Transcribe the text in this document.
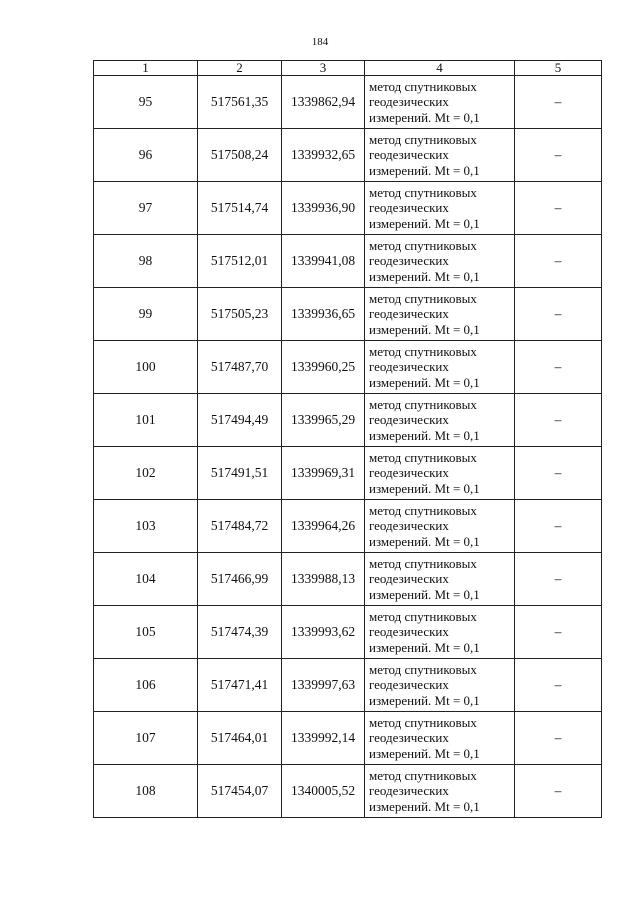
184
1	2	3	4	5
95	517561,35	1339862,94	метод спутниковых
геодезических
измерений. Mt = 0,1	–
96	517508,24	1339932,65	метод спутниковых
геодезических
измерений. Mt = 0,1	–
97	517514,74	1339936,90	метод спутниковых
геодезических
измерений. Mt = 0,1	–
98	517512,01	1339941,08	метод спутниковых
геодезических
измерений. Mt = 0,1	–
99	517505,23	1339936,65	метод спутниковых
геодезических
измерений. Mt = 0,1	–
100	517487,70	1339960,25	метод спутниковых
геодезических
измерений. Mt = 0,1	–
101	517494,49	1339965,29	метод спутниковых
геодезических
измерений. Mt = 0,1	–
102	517491,51	1339969,31	метод спутниковых
геодезических
измерений. Mt = 0,1	–
103	517484,72	1339964,26	метод спутниковых
геодезических
измерений. Mt = 0,1	–
104	517466,99	1339988,13	метод спутниковых
геодезических
измерений. Mt = 0,1	–
105	517474,39	1339993,62	метод спутниковых
геодезических
измерений. Mt = 0,1	–
106	517471,41	1339997,63	метод спутниковых
геодезических
измерений. Mt = 0,1	–
107	517464,01	1339992,14	метод спутниковых
геодезических
измерений. Mt = 0,1	–
108	517454,07	1340005,52	метод спутниковых
геодезических
измерений. Mt = 0,1	–
